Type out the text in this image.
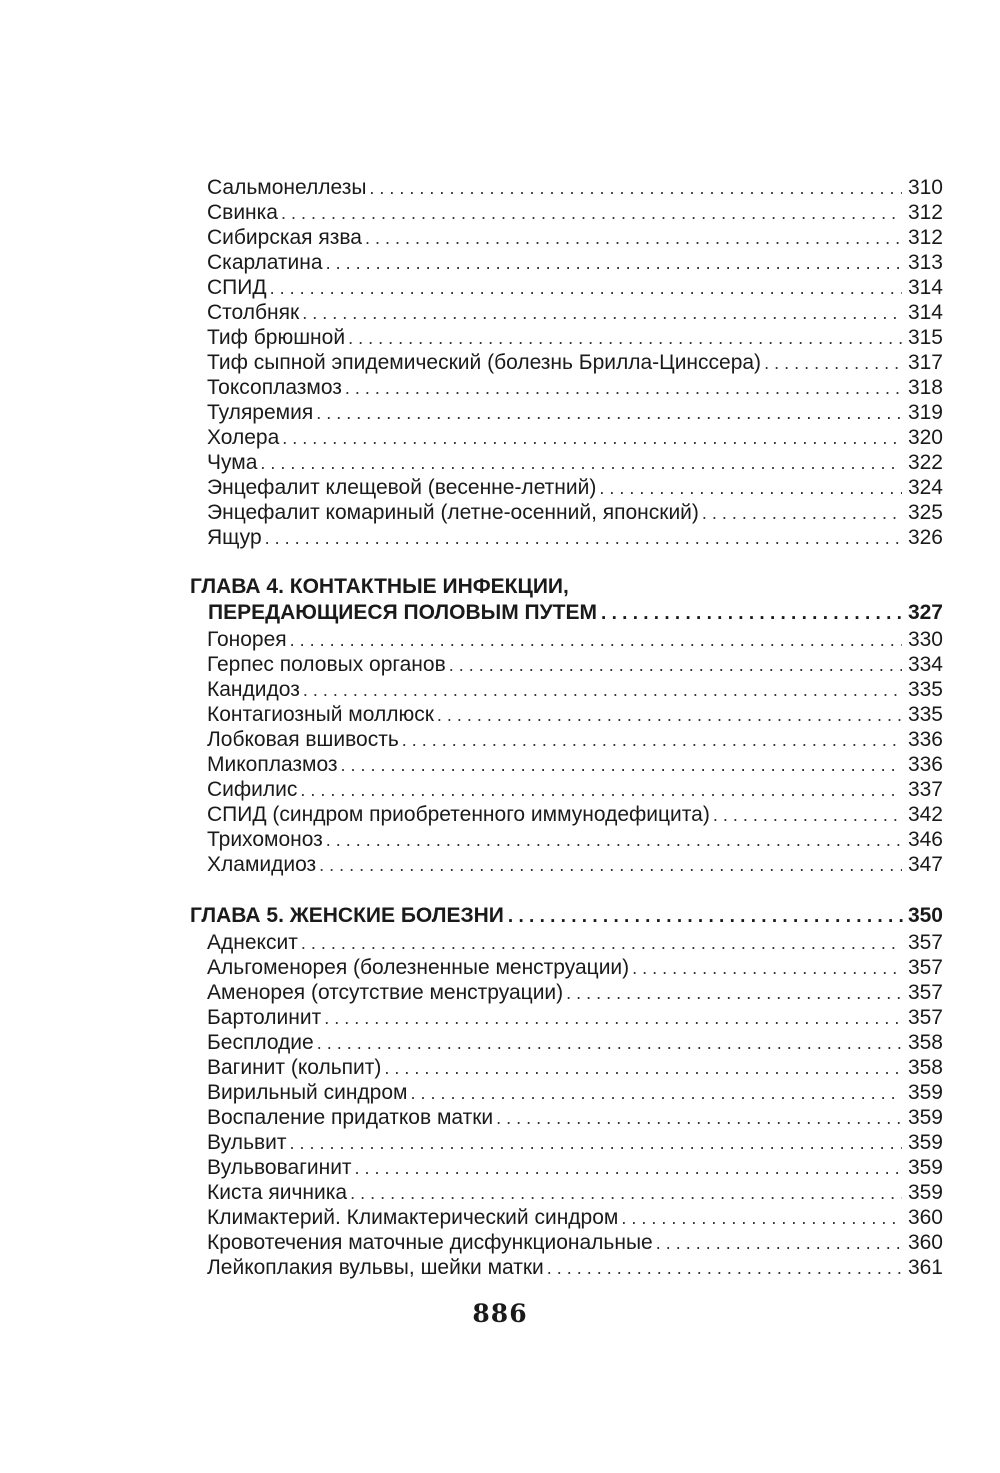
Сальмонеллезы . . .	310
Свинка . . .	312
Сибирская язва . . .	312
Скарлатина . . .	313
СПИД . . .	314
Столбняк . . .	314
Тиф брюшной . . .	315
Тиф сыпной эпидемический (болезнь Брилла-Цинссера) . . .	317
Токсоплазмоз . . .	318
Туляремия . . .	319
Холера . . .	320
Чума . . .	322
Энцефалит клещевой (весенне-летний) . . .	324
Энцефалит комариный (летне-осенний, японский) . . .	325
Ящур . . .	326
ГЛАВА 4. КОНТАКТНЫЕ ИНФЕКЦИИ,
ПЕРЕДАЮЩИЕСЯ ПОЛОВЫМ ПУТЕМ . . .	327
Гонорея . . .	330
Герпес половых органов . . .	334
Кандидоз . . .	335
Контагиозный моллюск . . .	335
Лобковая вшивость . . .	336
Микоплазмоз . . .	336
Сифилис . . .	337
СПИД (синдром приобретенного иммунодефицита) . . .	342
Трихомоноз . . .	346
Хламидиоз . . .	347
ГЛАВА 5. ЖЕНСКИЕ БОЛЕЗНИ . . .	350
Аднексит . . .	357
Альгоменорея (болезненные менструации) . . .	357
Аменорея (отсутствие менструации) . . .	357
Бартолинит . . .	357
Бесплодие . . .	358
Вагинит (кольпит) . . .	358
Вирильный синдром . . .	359
Воспаление придатков матки . . .	359
Вульвит . . .	359
Вульвовагинит . . .	359
Киста яичника . . .	359
Климактерий. Климактерический синдром . . .	360
Кровотечения маточные дисфункциональные . . .	360
Лейкоплакия вульвы, шейки матки . . .	361
886
